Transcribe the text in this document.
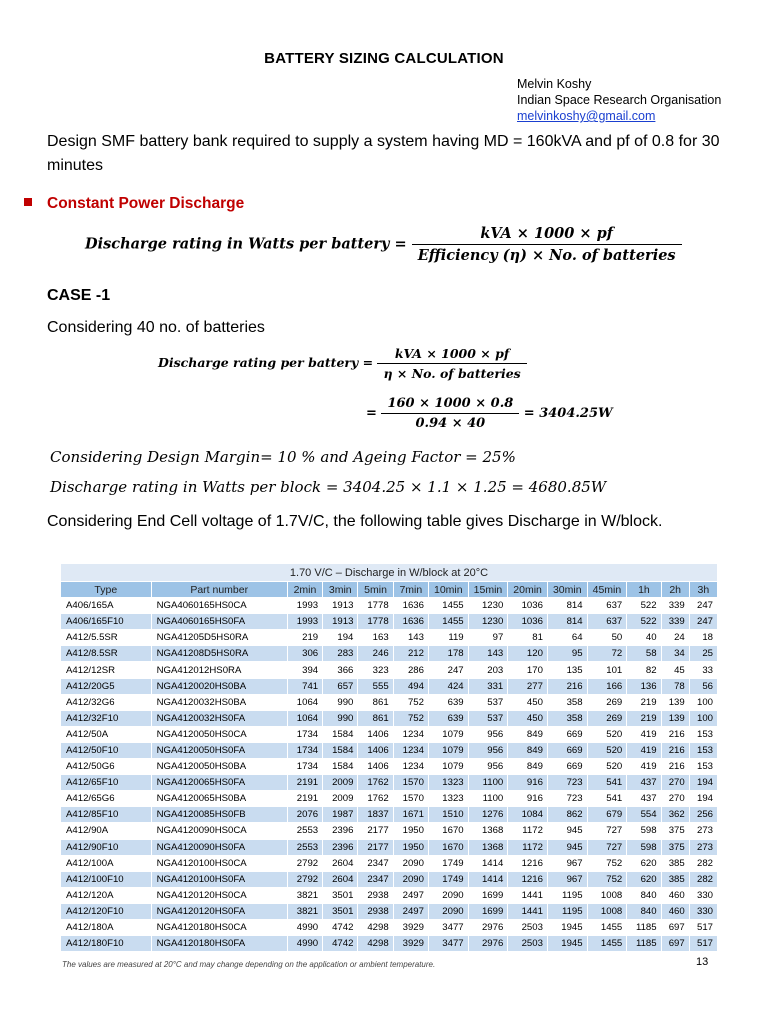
BATTERY SIZING CALCULATION
Melvin Koshy
Indian Space Research Organisation
melvinkoshy@gmail.com
Design SMF battery bank required to supply a system having MD = 160kVA and pf of 0.8 for 30 minutes
Constant Power Discharge
Discharge rating in Watts per battery = $\frac{\text{kVA × 1000 × pf}}{\text{Efficiency (η) × No. of batteries}}$
CASE -1
Considering 40 no. of batteries
Discharge rating per battery = $\frac{\text{kVA × 1000 × pf}}{\text{η × No. of batteries}}$
= $\frac{160 \times 1000 \times 0.8}{0.94 \times 40} = 3404.25W$
Considering Design Margin= 10 % and Ageing Factor = 25%
Discharge rating in Watts per block = 3404.25 × 1.1 × 1.25 = 4680.85W
Considering End Cell voltage of 1.7V/C, the following table gives Discharge in W/block.
1.70 V/C – Discharge in W/block at 20°C													
Type	Part number	2min	3min	5min	7min	10min	15min	20min	30min	45min	1h	2h	3h
A406/165A	NGA4060165HS0CA	1993	1913	1778	1636	1455	1230	1036	814	637	522	339	247
A406/165F10	NGA4060165HS0FA	1993	1913	1778	1636	1455	1230	1036	814	637	522	339	247
A412/5.5SR	NGA41205D5HS0RA	219	194	163	143	119	97	81	64	50	40	24	18
A412/8.5SR	NGA41208D5HS0RA	306	283	246	212	178	143	120	95	72	58	34	25
A412/12SR	NGA412012HS0RA	394	366	323	286	247	203	170	135	101	82	45	33
A412/20G5	NGA4120020HS0BA	741	657	555	494	424	331	277	216	166	136	78	56
A412/32G6	NGA4120032HS0BA	1064	990	861	752	639	537	450	358	269	219	139	100
A412/32F10	NGA4120032HS0FA	1064	990	861	752	639	537	450	358	269	219	139	100
A412/50A	NGA4120050HS0CA	1734	1584	1406	1234	1079	956	849	669	520	419	216	153
A412/50F10	NGA4120050HS0FA	1734	1584	1406	1234	1079	956	849	669	520	419	216	153
A412/50G6	NGA4120050HS0BA	1734	1584	1406	1234	1079	956	849	669	520	419	216	153
A412/65F10	NGA4120065HS0FA	2191	2009	1762	1570	1323	1100	916	723	541	437	270	194
A412/65G6	NGA4120065HS0BA	2191	2009	1762	1570	1323	1100	916	723	541	437	270	194
A412/85F10	NGA4120085HS0FB	2076	1987	1837	1671	1510	1276	1084	862	679	554	362	256
A412/90A	NGA4120090HS0CA	2553	2396	2177	1950	1670	1368	1172	945	727	598	375	273
A412/90F10	NGA4120090HS0FA	2553	2396	2177	1950	1670	1368	1172	945	727	598	375	273
A412/100A	NGA4120100HS0CA	2792	2604	2347	2090	1749	1414	1216	967	752	620	385	282
A412/100F10	NGA4120100HS0FA	2792	2604	2347	2090	1749	1414	1216	967	752	620	385	282
A412/120A	NGA4120120HS0CA	3821	3501	2938	2497	2090	1699	1441	1195	1008	840	460	330
A412/120F10	NGA4120120HS0FA	3821	3501	2938	2497	2090	1699	1441	1195	1008	840	460	330
A412/180A	NGA4120180HS0CA	4990	4742	4298	3929	3477	2976	2503	1945	1455	1185	697	517
A412/180F10	NGA4120180HS0FA	4990	4742	4298	3929	3477	2976	2503	1945	1455	1185	697	517
The values are measured at 20°C and may change depending on the application or ambient temperature.	13
